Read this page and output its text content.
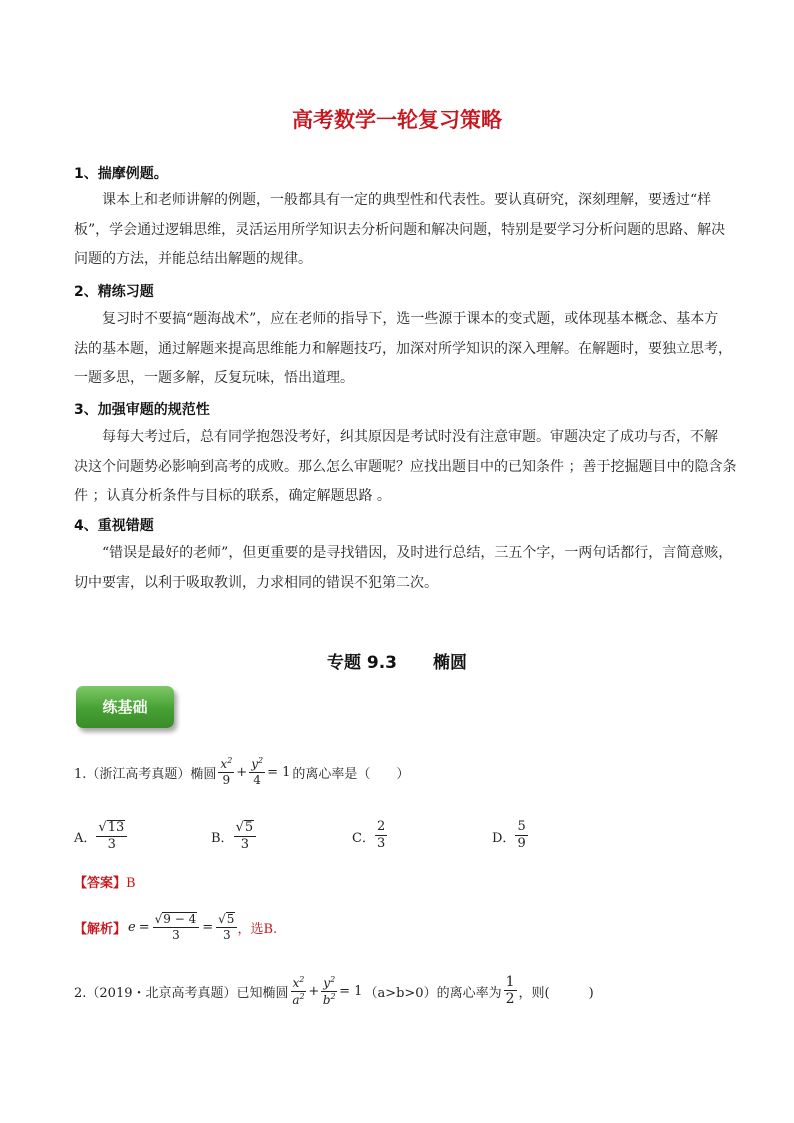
高考数学一轮复习策略
1、揣摩例题。
课本上和老师讲解的例题，一般都具有一定的典型性和代表性。要认真研究，深刻理解，要透过“样
板”，学会通过逻辑思维，灵活运用所学知识去分析问题和解决问题，特别是要学习分析问题的思路、解决
问题的方法，并能总结出解题的规律。
2、精练习题
复习时不要搞“题海战术”，应在老师的指导下，选一些源于课本的变式题，或体现基本概念、基本方
法的基本题，通过解题来提高思维能力和解题技巧，加深对所学知识的深入理解。在解题时，要独立思考，
一题多思，一题多解，反复玩味，悟出道理。
3、加强审题的规范性
每每大考过后，总有同学抱怨没考好，纠其原因是考试时没有注意审题。审题决定了成功与否，不解
决这个问题势必影响到高考的成败。那么怎么审题呢？应找出题目中的已知条件 ；善于挖掘题目中的隐含条
件 ；认真分析条件与目标的联系，确定解题思路 。
4、重视错题
“错误是最好的老师”，但更重要的是寻找错因，及时进行总结，三五个字，一两句话都行，言简意赅，
切中要害，以利于吸取教训，力求相同的错误不犯第二次。
专题 9.3 椭圆
练基础
1.（浙江高考真题）椭圆 $\frac{x^2}{9} + \frac{y^2}{4} = 1$ 的离心率是（　　）
A． $\frac{√13}{3}$	B． $\frac{√5}{3}$	C． $\frac{2}{3}$	D． $\frac{5}{9}$
【答案】B
【解析】 $e = \frac{√9 - 4}{3} = \frac{√5}{3}$ ，选B.
2.（2019・北京高考真题）已知椭圆 $\frac{x^2}{a^2} + \frac{y^2}{b^2} = 1$ （a>b>0）的离心率为 $\frac{1}{2}$ ，则(　　　)
